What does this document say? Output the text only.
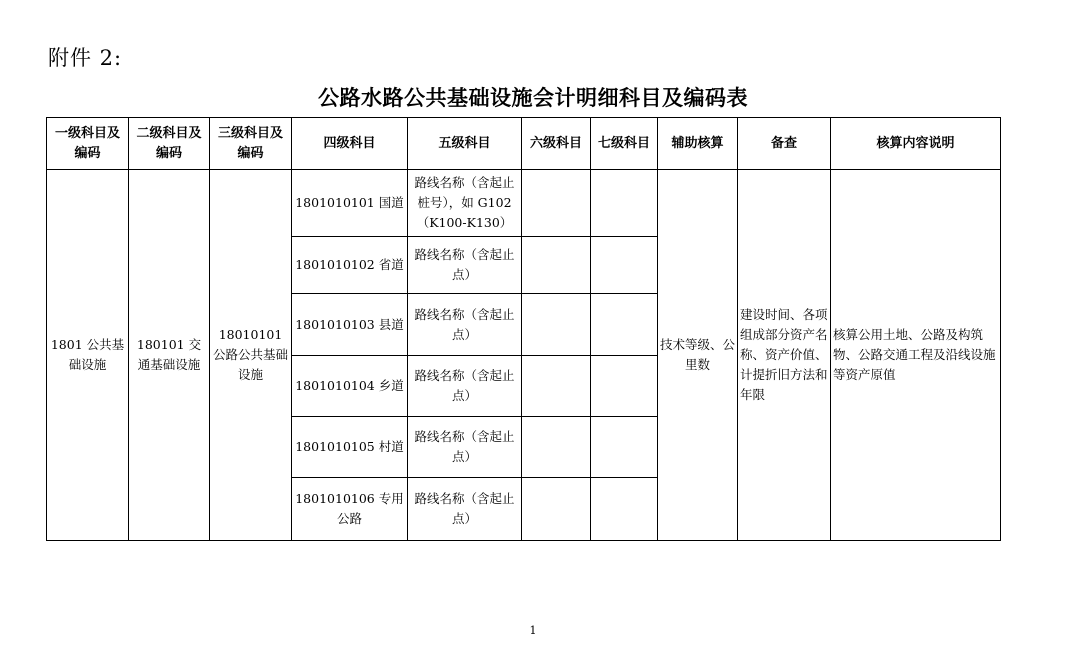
附件 2:
公路水路公共基础设施会计明细科目及编码表
一级科目及编码	二级科目及编码	三级科目及编码	四级科目	五级科目	六级科目	七级科目	辅助核算	备查	核算内容说明
1801 公共基础设施	180101 交通基础设施	18010101 公路公共基础设施	1801010101 国道	路线名称（含起止桩号），如 G102（K100-K130）			技术等级、公里数	建设时间、各项组成部分资产名称、资产价值、计提折旧方法和年限	核算公用土地、公路及构筑物、公路交通工程及沿线设施等资产原值
			1801010102 省道	路线名称（含起止点）					
			1801010103 县道	路线名称（含起止点）					
			1801010104 乡道	路线名称（含起止点）					
			1801010105 村道	路线名称（含起止点）					
			1801010106 专用公路	路线名称（含起止点）					
1
